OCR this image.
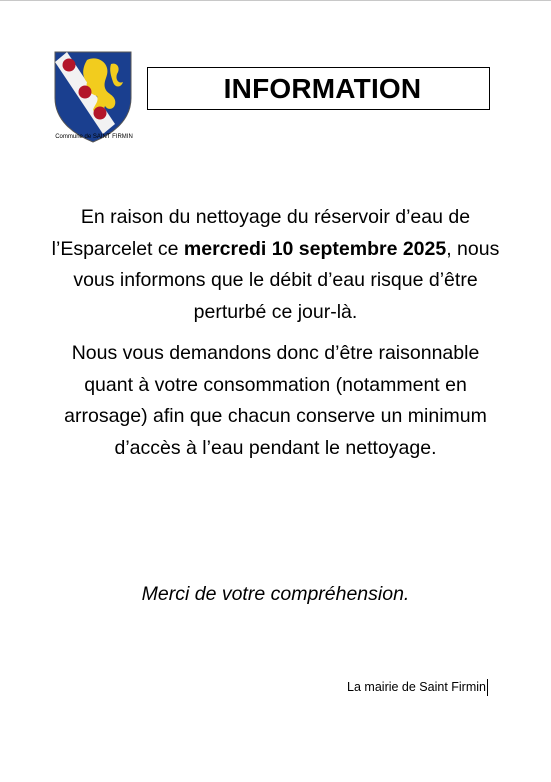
Commune de SAINT FIRMIN
INFORMATION

En raison du nettoyage du réservoir d’eau de l’Esparcelet ce mercredi 10 septembre 2025, nous vous informons que le débit d’eau risque d’être perturbé ce jour-là.

Nous vous demandons donc d’être raisonnable quant à votre consommation (notamment en arrosage) afin que chacun conserve un minimum d’accès à l’eau pendant le nettoyage.

Merci de votre compréhension.
La mairie de Saint Firmin
